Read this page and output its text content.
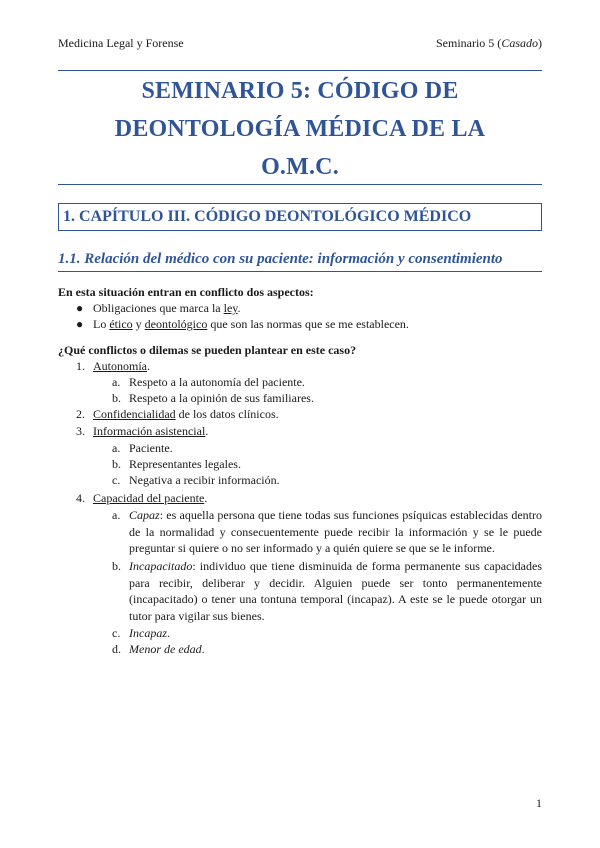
Medicina Legal y Forense	Seminario 5 (Casado)
SEMINARIO 5: CÓDIGO DE
DEONTOLOGÍA MÉDICA DE LA
O.M.C.
1. CAPÍTULO III. CÓDIGO DEONTOLÓGICO MÉDICO
1.1. Relación del médico con su paciente: información y consentimiento
En esta situación entran en conflicto dos aspectos:
● Obligaciones que marca la ley.
● Lo ético y deontológico que son las normas que se me establecen.
¿Qué conflictos o dilemas se pueden plantear en este caso?
1. Autonomía.
a. Respeto a la autonomía del paciente.
b. Respeto a la opinión de sus familiares.
2. Confidencialidad de los datos clínicos.
3. Información asistencial.
a. Paciente.
b. Representantes legales.
c. Negativa a recibir información.
4. Capacidad del paciente.
a. Capaz: es aquella persona que tiene todas sus funciones psíquicas establecidas dentro de la normalidad y consecuentemente puede recibir la información y se le puede preguntar si quiere o no ser informado y a quién quiere se que se le informe.
b. Incapacitado: individuo que tiene disminuida de forma permanente sus capacidades para recibir, deliberar y decidir. Alguien puede ser tonto permanentemente (incapacitado) o tener una tontuna temporal (incapaz). A este se le puede otorgar un tutor para vigilar sus bienes.
c. Incapaz.
d. Menor de edad.
1
